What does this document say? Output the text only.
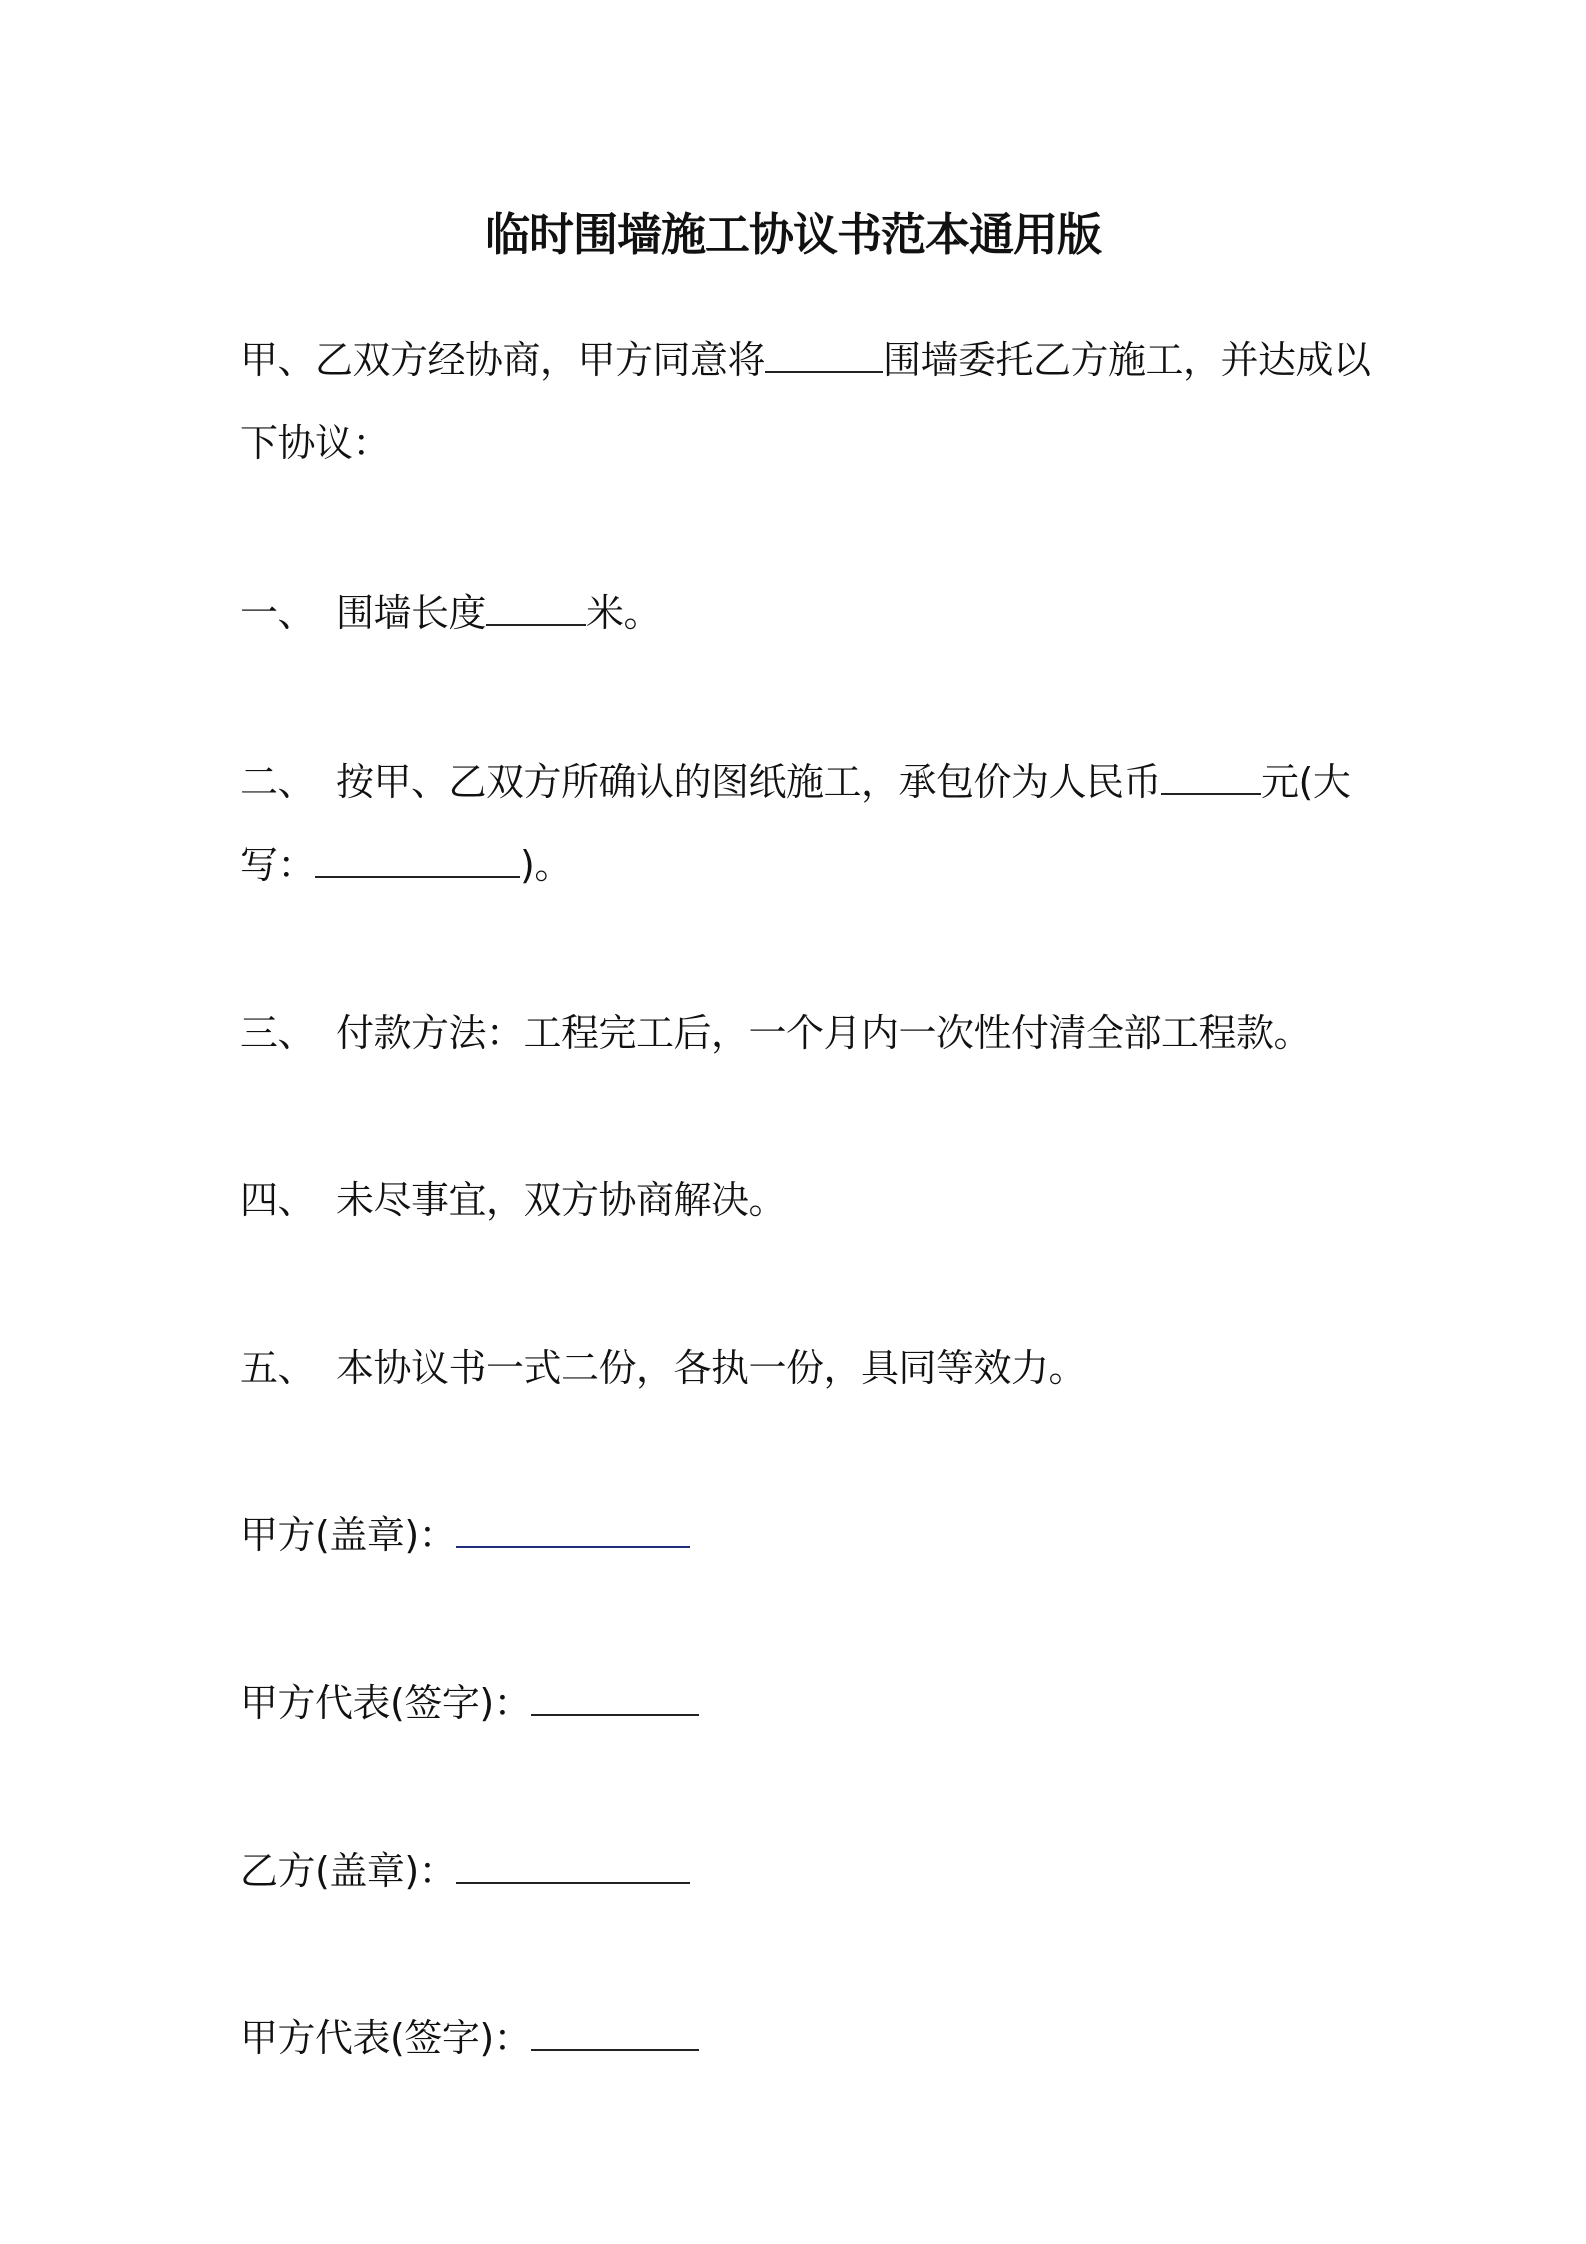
临时围墙施工协议书范本通用版
甲、乙双方经协商，甲方同意将	围墙委托乙方施工，并达成以
下协议：
一、 围墙长度	米。
二、 按甲、乙双方所确认的图纸施工，承包价为人民币	元(大
写：	)。
三、 付款方法：工程完工后，一个月内一次性付清全部工程款。
四、 未尽事宜，双方协商解决。
五、 本协议书一式二份，各执一份，具同等效力。
甲方(盖章)：
甲方代表(签字)：
乙方(盖章)：
甲方代表(签字)：
